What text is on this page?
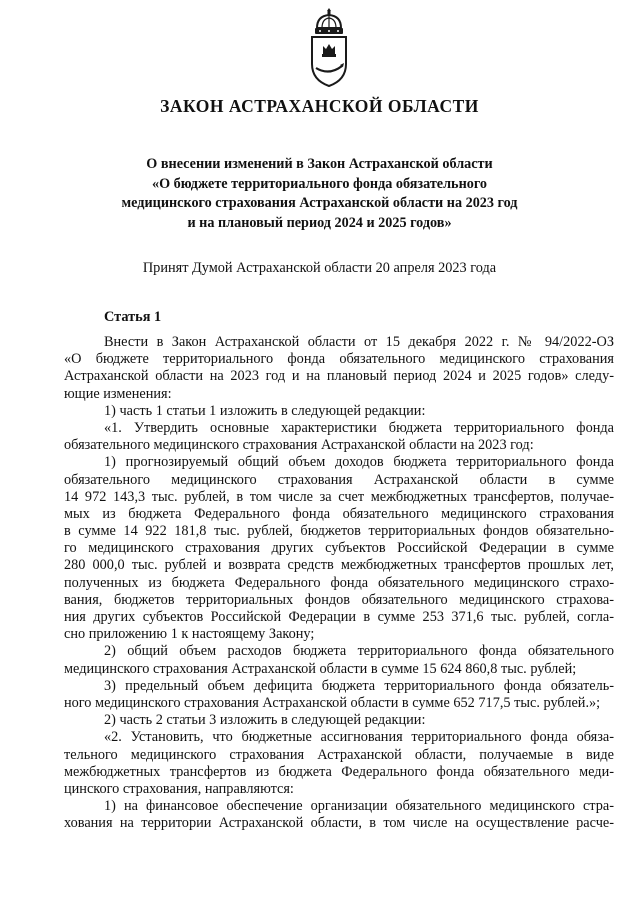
ЗАКОН АСТРАХАНСКОЙ ОБЛАСТИ
О внесении изменений в Закон Астраханской области
«О бюджете территориального фонда обязательного
медицинского страхования Астраханской области на 2023 год
и на плановый период 2024 и 2025 годов»
Принят Думой Астраханской области 20 апреля 2023 года
Статья 1
Внести в Закон Астраханской области от 15 декабря 2022 г. № 94/2022-ОЗ
«О бюджете территориального фонда обязательного медицинского страхования
Астраханской области на 2023 год и на плановый период 2024 и 2025 годов» следу-
ющие изменения:
1) часть 1 статьи 1 изложить в следующей редакции:
«1. Утвердить основные характеристики бюджета территориального фонда
обязательного медицинского страхования Астраханской области на 2023 год:
1) прогнозируемый общий объем доходов бюджета территориального фонда
обязательного медицинского страхования Астраханской области в сумме
14 972 143,3 тыс. рублей, в том числе за счет межбюджетных трансфертов, получае-
мых из бюджета Федерального фонда обязательного медицинского страхования
в сумме 14 922 181,8 тыс. рублей, бюджетов территориальных фондов обязательно-
го медицинского страхования других субъектов Российской Федерации в сумме
280 000,0 тыс. рублей и возврата средств межбюджетных трансфертов прошлых лет,
полученных из бюджета Федерального фонда обязательного медицинского страхо-
вания, бюджетов территориальных фондов обязательного медицинского страхова-
ния других субъектов Российской Федерации в сумме 253 371,6 тыс. рублей, согла-
сно приложению 1 к настоящему Закону;
2) общий объем расходов бюджета территориального фонда обязательного
медицинского страхования Астраханской области в сумме 15 624 860,8 тыс. рублей;
3) предельный объем дефицита бюджета территориального фонда обязатель-
ного медицинского страхования Астраханской области в сумме 652 717,5 тыс. рублей.»;
2) часть 2 статьи 3 изложить в следующей редакции:
«2. Установить, что бюджетные ассигнования территориального фонда обяза-
тельного медицинского страхования Астраханской области, получаемые в виде
межбюджетных трансфертов из бюджета Федерального фонда обязательного меди-
цинского страхования, направляются:
1) на финансовое обеспечение организации обязательного медицинского стра-
хования на территории Астраханской области, в том числе на осуществление расче-
